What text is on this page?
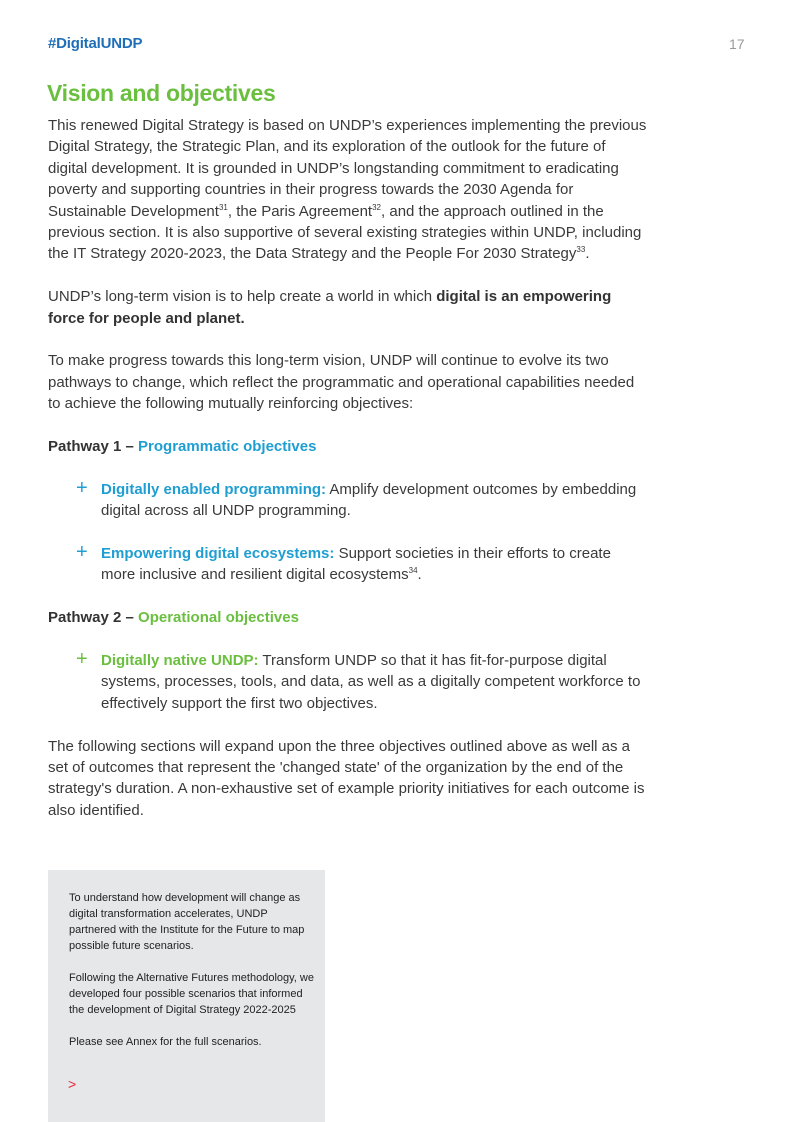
#DigitalUNDP	17
Vision and objectives

This renewed Digital Strategy is based on UNDP’s experiences implementing the previous Digital Strategy, the Strategic Plan, and its exploration of the outlook for the future of digital development. It is grounded in UNDP’s longstanding commitment to eradicating poverty and supporting countries in their progress towards the 2030 Agenda for Sustainable Development$^{31}$, the Paris Agreement$^{32}$, and the approach outlined in the previous section. It is also supportive of several existing strategies within UNDP, including the IT Strategy 2020-2023, the Data Strategy and the People For 2030 Strategy$^{33}$.

UNDP’s long-term vision is to help create a world in which digital is an empowering force for people and planet.

To make progress towards this long-term vision, UNDP will continue to evolve its two pathways to change, which reflect the programmatic and operational capabilities needed to achieve the following mutually reinforcing objectives:

Pathway 1 – Programmatic objectives

+ Digitally enabled programming: Amplify development outcomes by embedding digital across all UNDP programming.
+ Empowering digital ecosystems: Support societies in their efforts to create more inclusive and resilient digital ecosystems$^{34}$.

Pathway 2 – Operational objectives

+ Digitally native UNDP: Transform UNDP so that it has fit-for-purpose digital systems, processes, tools, and data, as well as a digitally competent workforce to effectively support the first two objectives.

The following sections will expand upon the three objectives outlined above as well as a set of outcomes that represent the 'changed state' of the organization by the end of the strategy's duration. A non-exhaustive set of example priority initiatives for each outcome is also identified.

To understand how development will change as digital transformation accelerates, UNDP partnered with the Institute for the Future to map possible future scenarios.

Following the Alternative Futures methodology, we developed four possible scenarios that informed the development of Digital Strategy 2022-2025

Please see Annex for the full scenarios.

>
